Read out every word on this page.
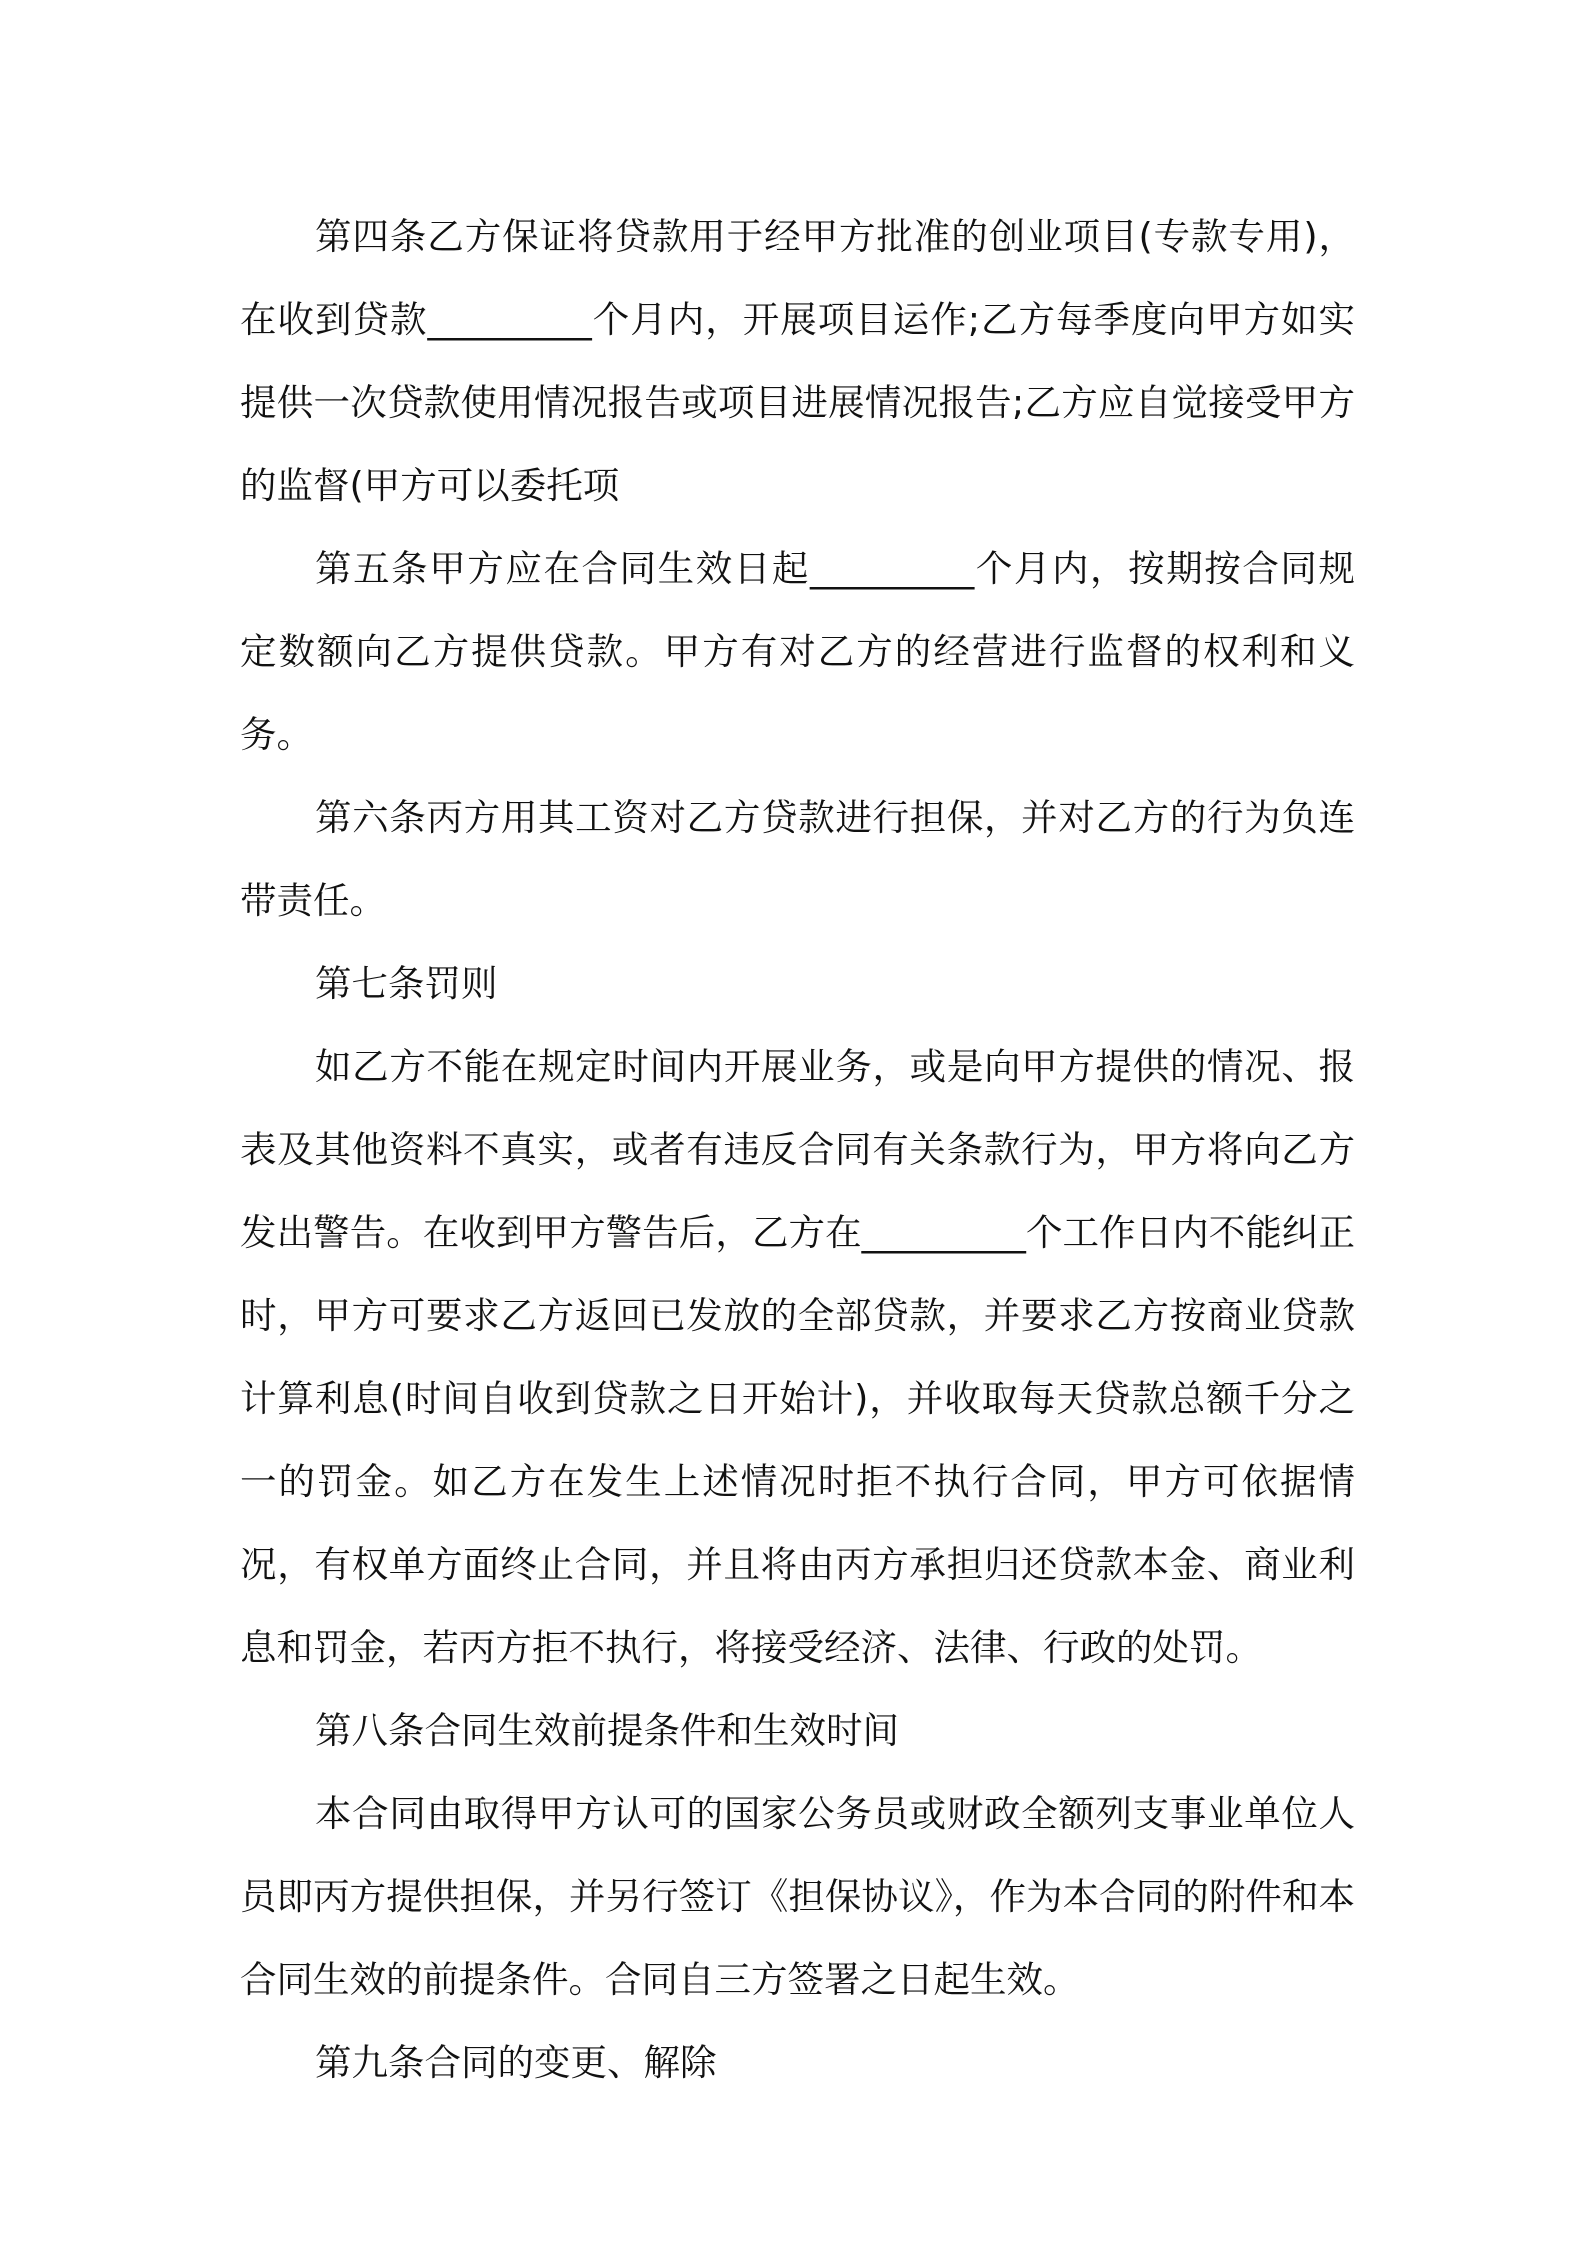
第四条乙方保证将贷款用于经甲方批准的创业项目(专款专用)，在收到贷款_________个月内，开展项目运作;乙方每季度向甲方如实提供一次贷款使用情况报告或项目进展情况报告;乙方应自觉接受甲方的监督(甲方可以委托项

第五条甲方应在合同生效日起_________个月内，按期按合同规定数额向乙方提供贷款。甲方有对乙方的经营进行监督的权利和义务。

第六条丙方用其工资对乙方贷款进行担保，并对乙方的行为负连带责任。

第七条罚则

如乙方不能在规定时间内开展业务，或是向甲方提供的情况、报表及其他资料不真实，或者有违反合同有关条款行为，甲方将向乙方发出警告。在收到甲方警告后，乙方在_________个工作日内不能纠正时，甲方可要求乙方返回已发放的全部贷款，并要求乙方按商业贷款计算利息(时间自收到贷款之日开始计)，并收取每天贷款总额千分之一的罚金。如乙方在发生上述情况时拒不执行合同，甲方可依据情况，有权单方面终止合同，并且将由丙方承担归还贷款本金、商业利息和罚金，若丙方拒不执行，将接受经济、法律、行政的处罚。

第八条合同生效前提条件和生效时间

本合同由取得甲方认可的国家公务员或财政全额列支事业单位人员即丙方提供担保，并另行签订《担保协议》，作为本合同的附件和本合同生效的前提条件。合同自三方签署之日起生效。

第九条合同的变更、解除
